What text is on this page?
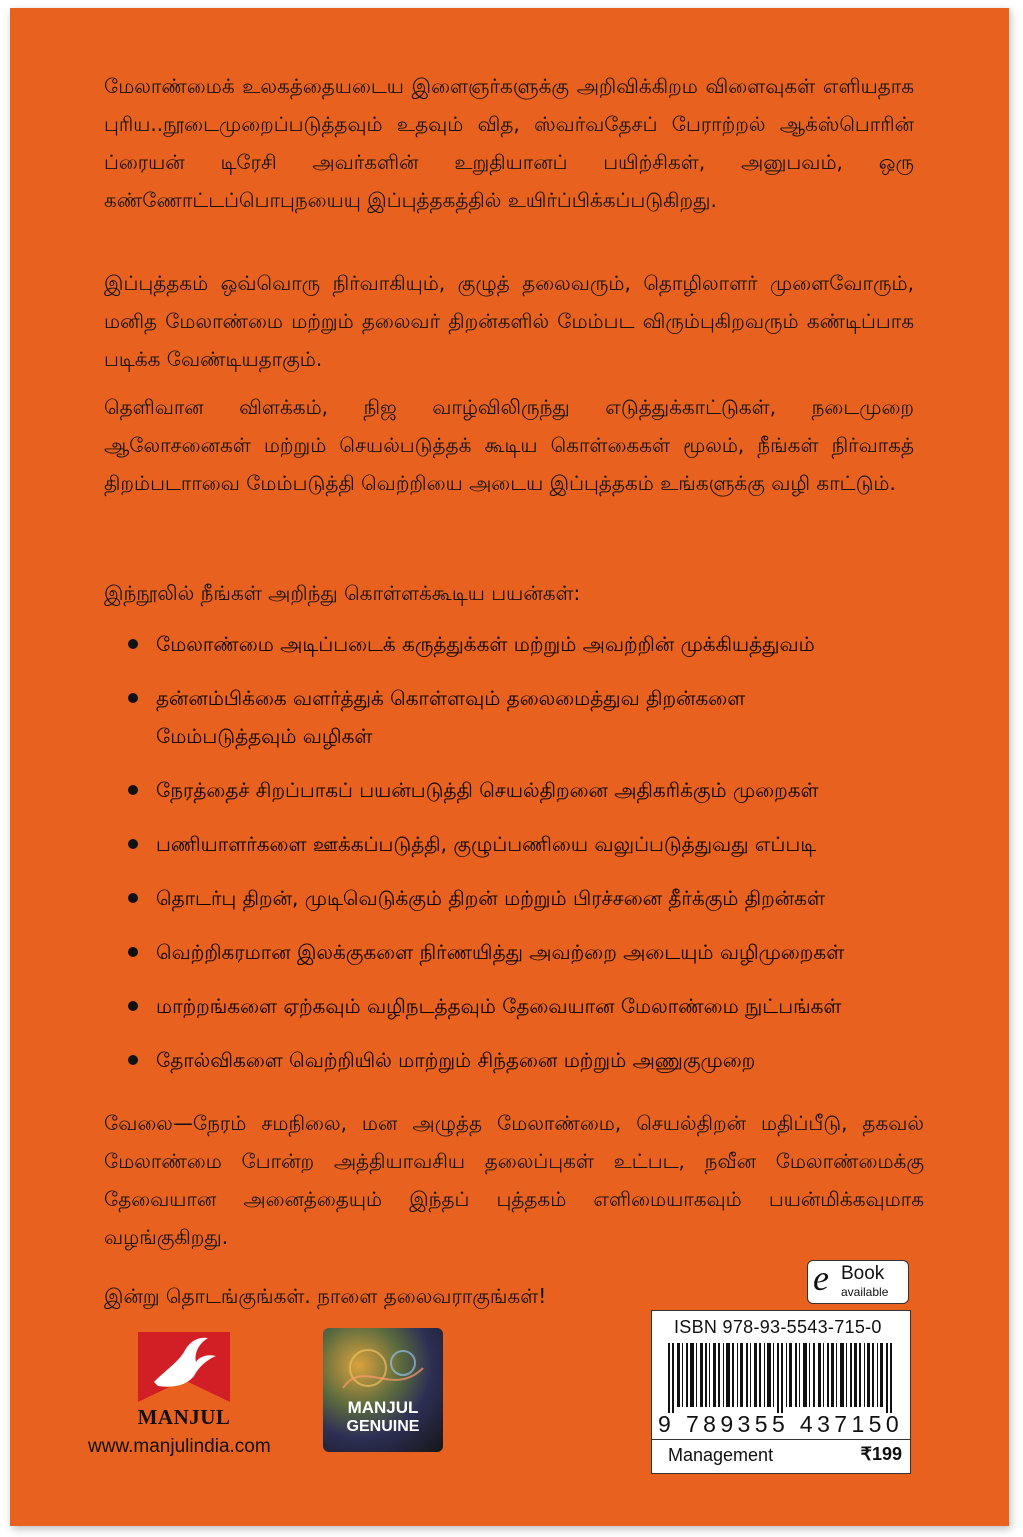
மேலாண்மைக் உலகத்தையடைய இளைஞர்களுக்கு அறிவிக்கிறம விளைவுகள் எளியதாக புரிய..நூடைமுறைப்படுத்தவும் உதவும் வித, ஸ்வர்வதேசப் பேராற்றல் ஆக்ஸ்பொரின் ப்ரையன் டிரேசி அவர்களின் உறுதியானப் பயிற்சிகள், அனுபவம், ஒரு கண்ணோட்டப்பொபுநயையு இப்புத்தகத்தில் உயிர்ப்பிக்கப்படுகிறது.
இப்புத்தகம் ஒவ்வொரு நிர்வாகியும், குழுத் தலைவரும், தொழிலாளர் முளைவோரும், மனித மேலாண்மை மற்றும் தலைவர் திறன்களில் மேம்பட விரும்புகிறவரும் கண்டிப்பாக படிக்க வேண்டியதாகும்.
தெளிவான விளக்கம், நிஜ வாழ்விலிருந்து எடுத்துக்காட்டுகள், நடைமுறை ஆலோசனைகள் மற்றும் செயல்படுத்தக் கூடிய கொள்கைகள் மூலம், நீங்கள் நிர்வாகத் திறம்படாாவை மேம்படுத்தி வெற்றியை அடைய இப்புத்தகம் உங்களுக்கு வழி காட்டும்.
இந்நூலில் நீங்கள் அறிந்து கொள்ளக்கூடிய பயன்கள்:
மேலாண்மை அடிப்படைக் கருத்துக்கள் மற்றும் அவற்றின் முக்கியத்துவம்
தன்னம்பிக்கை வளர்த்துக் கொள்ளவும் தலைமைத்துவ திறன்களை மேம்படுத்தவும் வழிகள்
நேரத்தைச் சிறப்பாகப் பயன்படுத்தி செயல்திறனை அதிகரிக்கும் முறைகள்
பணியாளர்களை ஊக்கப்படுத்தி, குழுப்பணியை வலுப்படுத்துவது எப்படி
தொடர்பு திறன், முடிவெடுக்கும் திறன் மற்றும் பிரச்சனை தீர்க்கும் திறன்கள்
வெற்றிகரமான இலக்குகளை நிர்ணயித்து அவற்றை அடையும் வழிமுறைகள்
மாற்றங்களை ஏற்கவும் வழிநடத்தவும் தேவையான மேலாண்மை நுட்பங்கள்
தோல்விகளை வெற்றியில் மாற்றும் சிந்தனை மற்றும் அணுகுமுறை
வேலை—நேரம் சமநிலை, மன அழுத்த மேலாண்மை, செயல்திறன் மதிப்பீடு, தகவல் மேலாண்மை போன்ற அத்தியாவசிய தலைப்புகள் உட்பட, நவீன மேலாண்மைக்கு தேவையான அனைத்தையும் இந்தப் புத்தகம் எளிமையாகவும் பயன்மிக்கவுமாக வழங்குகிறது.
இன்று தொடங்குங்கள். நாளை தலைவராகுங்கள்!	e Book
available
ISBN 978-93-5543-715-0
9 789355 437150
Management	₹199
MANJUL
www.manjulindia.com
MANJUL
GENUINE
